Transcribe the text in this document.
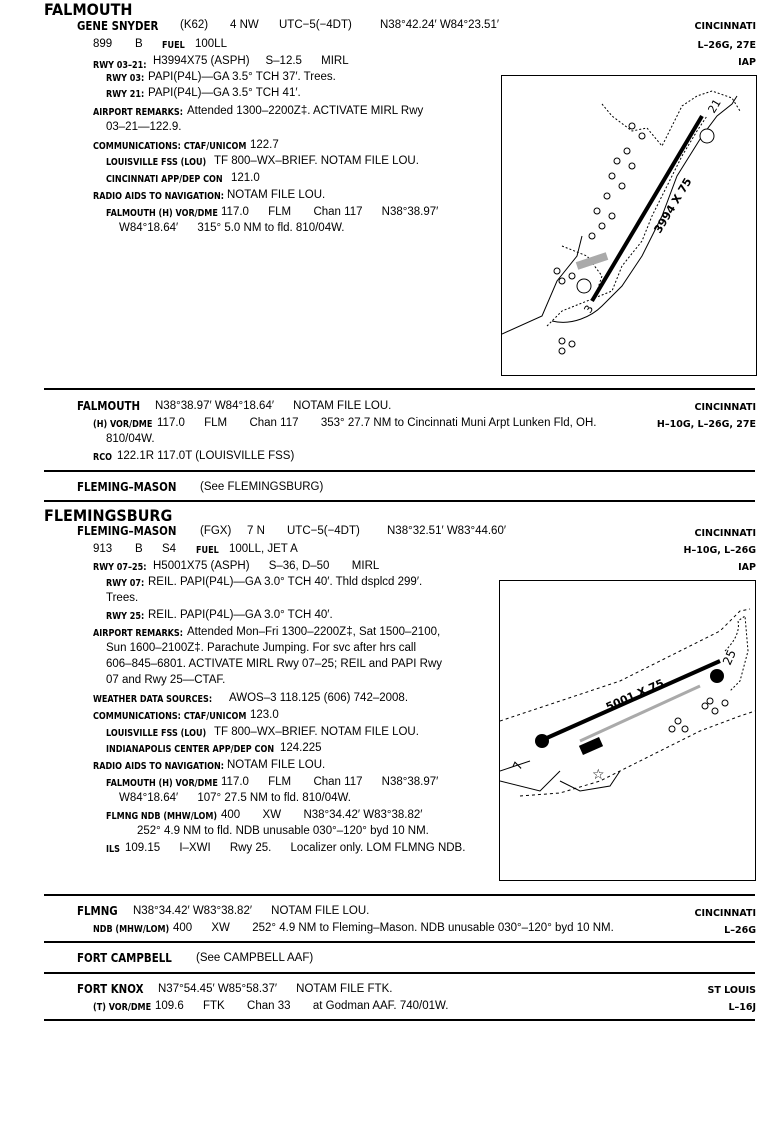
FALMOUTH
GENE SNYDER	(K62) 4 NW UTC−5(−4DT) N38°42.24′ W84°23.51′	CINCINNATI
L–26G, 27E
IAP
899 B FUEL 100LL
RWY 03–21: H3994X75 (ASPH)     S–12.5      MIRL
RWY 03: PAPI(P4L)—GA 3.5° TCH 37′. Trees.
RWY 21: PAPI(P4L)—GA 3.5° TCH 41′.
AIRPORT REMARKS: Attended 1300–2200Z‡. ACTIVATE MIRL Rwy
03–21—122.9.
COMMUNICATIONS: CTAF/UNICOM 122.7
LOUISVILLE FSS (LOU) TF 800–WX–BRIEF. NOTAM FILE LOU.
CINCINNATI APP/DEP CON 121.0
RADIO AIDS TO NAVIGATION: NOTAM FILE LOU.
FALMOUTH (H) VOR/DME 117.0      FLM       Chan 117      N38°38.97′
W84°18.64′      315° 5.0 NM to fld. 810/04W.	3994 X 75
21
3
FALMOUTH N38°38.97′ W84°18.64′      NOTAM FILE LOU.	CINCINNATI
H–10G, L–26G, 27E
(H) VOR/DME 117.0      FLM       Chan 117       353° 27.7 NM to Cincinnati Muni Arpt Lunken Fld, OH.
810/04W.
RCO 122.1R 117.0T (LOUISVILLE FSS)
FLEMING–MASON (See FLEMINGSBURG)
FLEMINGSBURG
FLEMING–MASON (FGX) 7 N UTC−5(−4DT) N38°32.51′ W83°44.60′	CINCINNATI
H–10G, L–26G
IAP
913 B S4 FUEL 100LL, JET A
RWY 07–25: H5001X75 (ASPH)      S–36, D–50       MIRL
RWY 07: REIL. PAPI(P4L)—GA 3.0° TCH 40′. Thld dsplcd 299′.
Trees.
RWY 25: REIL. PAPI(P4L)—GA 3.0° TCH 40′.
AIRPORT REMARKS: Attended Mon–Fri 1300–2200Z‡, Sat 1500–2100,
Sun 1600–2100Z‡. Parachute Jumping. For svc after hrs call
606–845–6801. ACTIVATE MIRL Rwy 07–25; REIL and PAPI Rwy
07 and Rwy 25—CTAF.
WEATHER DATA SOURCES: AWOS–3 118.125 (606) 742–2008.
COMMUNICATIONS: CTAF/UNICOM 123.0
LOUISVILLE FSS (LOU) TF 800–WX–BRIEF. NOTAM FILE LOU.
INDIANAPOLIS CENTER APP/DEP CON 124.225
RADIO AIDS TO NAVIGATION: NOTAM FILE LOU.
FALMOUTH (H) VOR/DME 117.0      FLM       Chan 117      N38°38.97′
W84°18.64′      107° 27.5 NM to fld. 810/04W.
FLMNG NDB (MHW/LOM) 400       XW       N38°34.42′ W83°38.82′
252° 4.9 NM to fld. NDB unusable 030°–120° byd 10 NM.
ILS 109.15      I–XWI      Rwy 25.      Localizer only. LOM FLMNG NDB.
☆
5001 X 75
25
7
FLMNG N38°34.42′ W83°38.82′      NOTAM FILE LOU.	CINCINNATI
L–26G
NDB (MHW/LOM) 400      XW       252° 4.9 NM to Fleming–Mason. NDB unusable 030°–120° byd 10 NM.
FORT CAMPBELL (See CAMPBELL AAF)
FORT KNOX N37°54.45′ W85°58.37′      NOTAM FILE FTK.	ST LOUIS
L–16J
(T) VOR/DME 109.6      FTK       Chan 33       at Godman AAF. 740/01W.
